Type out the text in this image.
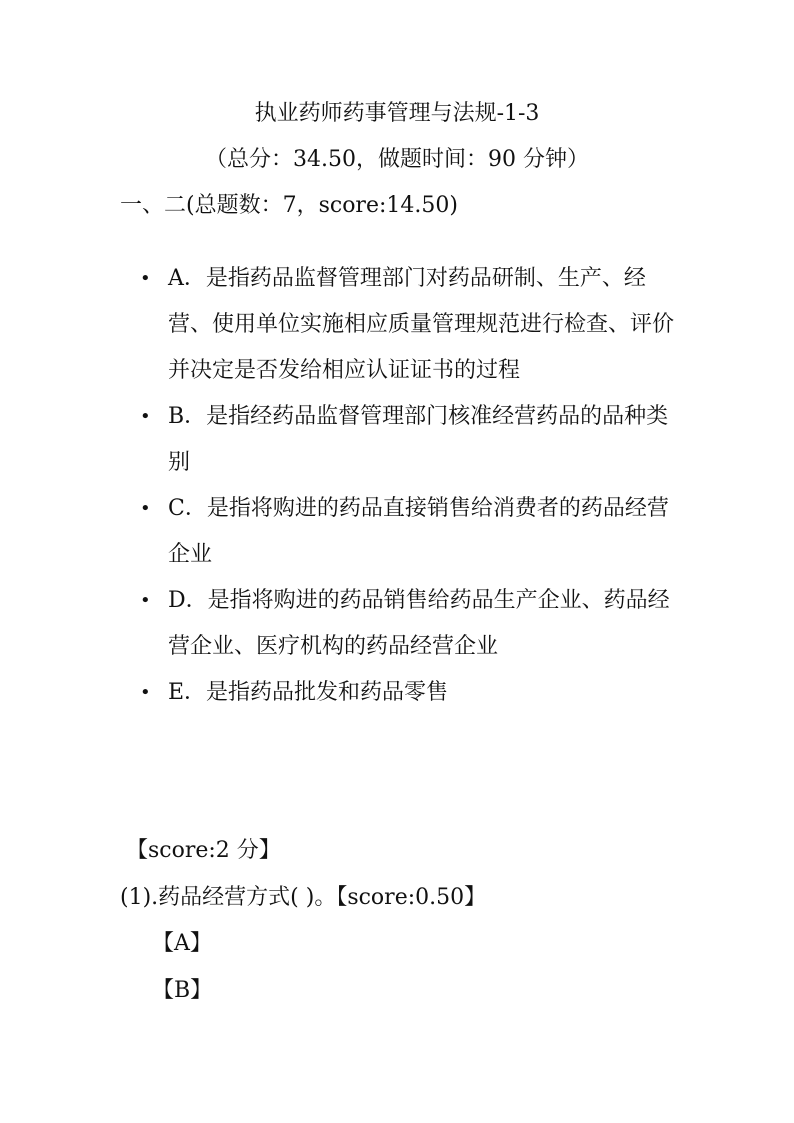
执业药师药事管理与法规-1-3
（总分：34.50，做题时间：90 分钟）
一、二(总题数：7，score:14.50)
• A．是指药品监督管理部门对药品研制、生产、经营、使用单位实施相应质量管理规范进行检查、评价并决定是否发给相应认证证书的过程
• B．是指经药品监督管理部门核准经营药品的品种类别
• C．是指将购进的药品直接销售给消费者的药品经营企业
• D．是指将购进的药品销售给药品生产企业、药品经营企业、医疗机构的药品经营企业
• E．是指药品批发和药品零售
【score:2 分】
(1).药品经营方式( )。【score:0.50】
【A】
【B】
